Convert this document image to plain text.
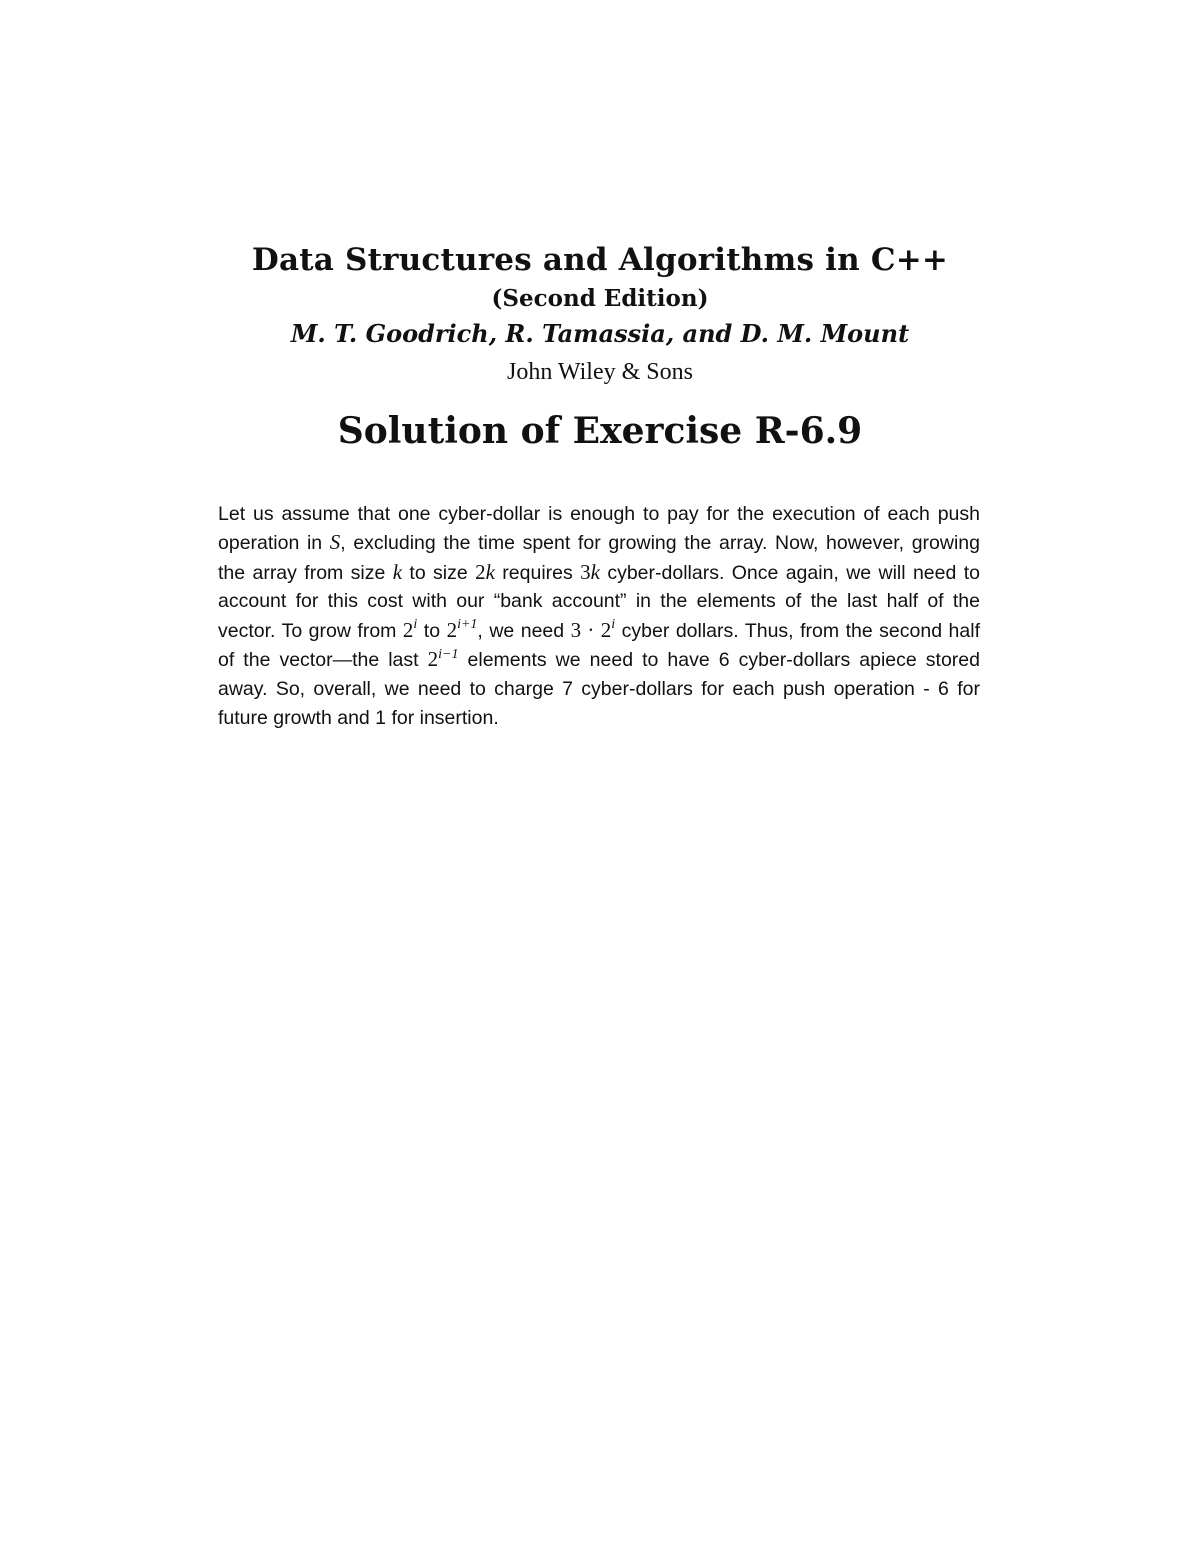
Data Structures and Algorithms in C++
(Second Edition)
M. T. Goodrich, R. Tamassia, and D. M. Mount
John Wiley & Sons
Solution of Exercise R-6.9

Let us assume that one cyber-dollar is enough to pay for the execution of each push operation in S, excluding the time spent for growing the array. Now, however, growing the array from size k to size 2k requires 3k cyber-dollars. Once again, we will need to account for this cost with our “bank account” in the elements of the last half of the vector. To grow from 2$^i$ to $2^{i+1}$, we need $3 \cdot 2^i$ cyber dollars. Thus, from the second half of the vector—the last $2^{i-1}$ elements we need to have 6 cyber-dollars apiece stored away. So, overall, we need to charge 7 cyber-dollars for each push operation - 6 for future growth and 1 for insertion.
